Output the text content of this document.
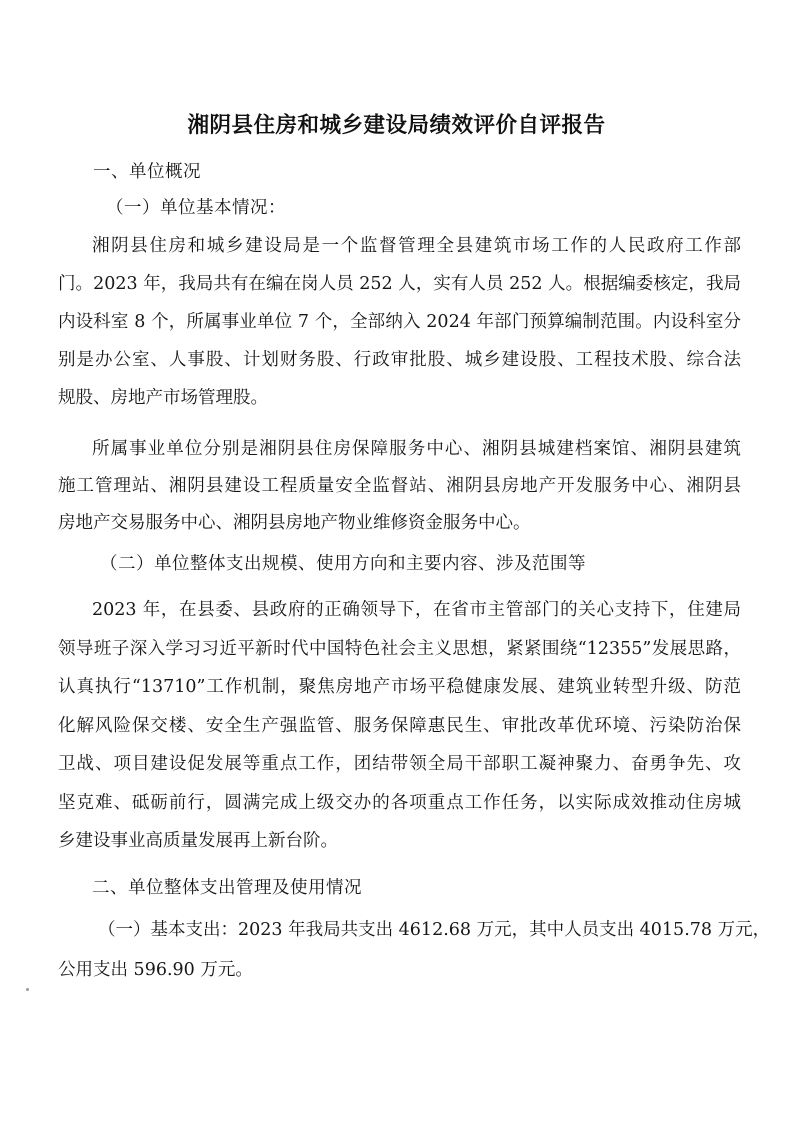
湘阴县住房和城乡建设局绩效评价自评报告
一、单位概况
（一）单位基本情况：
湘阴县住房和城乡建设局是一个监督管理全县建筑市场工作的人民政府工作部
门。2023 年，我局共有在编在岗人员 252 人，实有人员 252 人。根据编委核定，我局
内设科室 8 个，所属事业单位 7 个，全部纳入 2024 年部门预算编制范围。内设科室分
别是办公室、人事股、计划财务股、行政审批股、城乡建设股、工程技术股、综合法
规股、房地产市场管理股。
所属事业单位分别是湘阴县住房保障服务中心、湘阴县城建档案馆、湘阴县建筑
施工管理站、湘阴县建设工程质量安全监督站、湘阴县房地产开发服务中心、湘阴县
房地产交易服务中心、湘阴县房地产物业维修资金服务中心。
（二）单位整体支出规模、使用方向和主要内容、涉及范围等
2023 年，在县委、县政府的正确领导下，在省市主管部门的关心支持下，住建局
领导班子深入学习习近平新时代中国特色社会主义思想，紧紧围绕“12355”发展思路，
认真执行“13710”工作机制，聚焦房地产市场平稳健康发展、建筑业转型升级、防范
化解风险保交楼、安全生产强监管、服务保障惠民生、审批改革优环境、污染防治保
卫战、项目建设促发展等重点工作，团结带领全局干部职工凝神聚力、奋勇争先、攻
坚克难、砥砺前行，圆满完成上级交办的各项重点工作任务，以实际成效推动住房城
乡建设事业高质量发展再上新台阶。
二、单位整体支出管理及使用情况
（一）基本支出：2023 年我局共支出 4612.68 万元，其中人员支出 4015.78 万元，
公用支出 596.90 万元。
